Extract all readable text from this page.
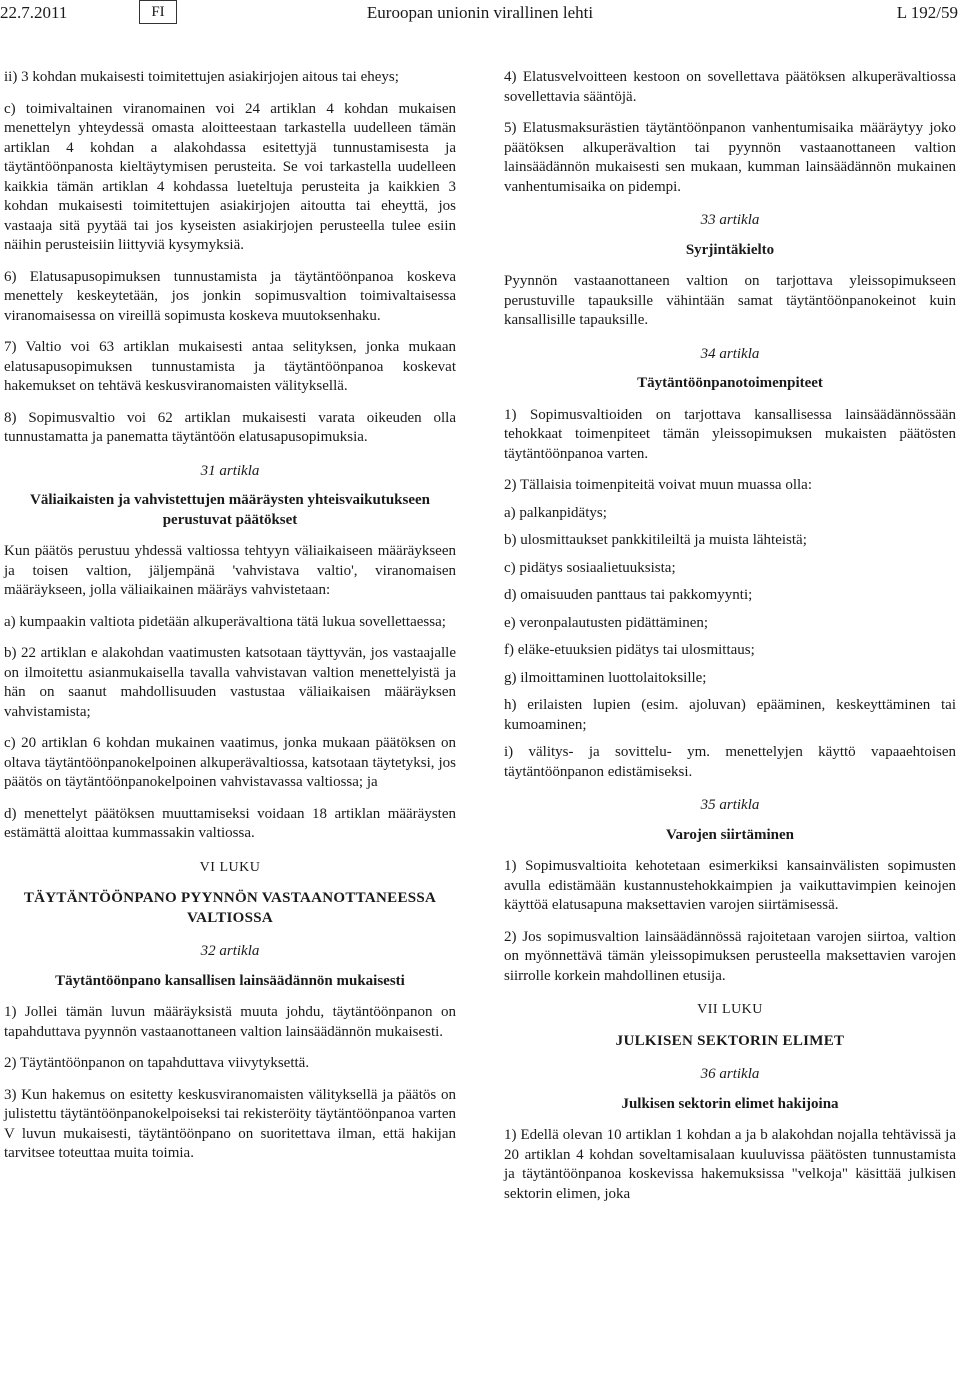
22.7.2011	FI	Euroopan unionin virallinen lehti	L 192/59

ii) 3 kohdan mukaisesti toimitettujen asiakirjojen aitous tai eheys;

c) toimivaltainen viranomainen voi 24 artiklan 4 kohdan mukaisen menettelyn yhteydessä omasta aloitteestaan tarkastella uudelleen tämän artiklan 4 kohdan a alakohdassa esitettyjä tunnustamisesta ja täytäntöönpanosta kieltäytymisen perusteita. Se voi tarkastella uudelleen kaikkia tämän artiklan 4 kohdassa lueteltuja perusteita ja kaikkien 3 kohdan mukaisesti toimitettujen asiakirjojen aitoutta tai eheyttä, jos vastaaja sitä pyytää tai jos kyseisten asiakirjojen perusteella tulee esiin näihin perusteisiin liittyviä kysymyksiä.

6) Elatusapusopimuksen tunnustamista ja täytäntöönpanoa koskeva menettely keskeytetään, jos jonkin sopimusvaltion toimivaltaisessa viranomaisessa on vireillä sopimusta koskeva muutoksenhaku.

7) Valtio voi 63 artiklan mukaisesti antaa selityksen, jonka mukaan elatusapusopimuksen tunnustamista ja täytäntöönpanoa koskevat hakemukset on tehtävä keskusviranomaisten välityksellä.

8) Sopimusvaltio voi 62 artiklan mukaisesti varata oikeuden olla tunnustamatta ja panematta täytäntöön elatusapusopimuksia.

31 artikla
Väliaikaisten ja vahvistettujen määräysten yhteisvaikutukseen perustuvat päätökset

Kun päätös perustuu yhdessä valtiossa tehtyyn väliaikaiseen määräykseen ja toisen valtion, jäljempänä 'vahvistava valtio', viranomaisen määräykseen, jolla väliaikainen määräys vahvistetaan:

a) kumpaakin valtiota pidetään alkuperävaltiona tätä lukua sovellettaessa;

b) 22 artiklan e alakohdan vaatimusten katsotaan täyttyvän, jos vastaajalle on ilmoitettu asianmukaisella tavalla vahvistavan valtion menettelyistä ja hän on saanut mahdollisuuden vastustaa väliaikaisen määräyksen vahvistamista;

c) 20 artiklan 6 kohdan mukainen vaatimus, jonka mukaan päätöksen on oltava täytäntöönpanokelpoinen alkuperävaltiossa, katsotaan täytetyksi, jos päätös on täytäntöönpanokelpoinen vahvistavassa valtiossa; ja

d) menettelyt päätöksen muuttamiseksi voidaan 18 artiklan määräysten estämättä aloittaa kummassakin valtiossa.

VI LUKU
TÄYTÄNTÖÖNPANO PYYNNÖN VASTAANOTTANEESSA VALTIOSSA
32 artikla
Täytäntöönpano kansallisen lainsäädännön mukaisesti

1) Jollei tämän luvun määräyksistä muuta johdu, täytäntöönpanon on tapahduttava pyynnön vastaanottaneen valtion lainsäädännön mukaisesti.

2) Täytäntöönpanon on tapahduttava viivytyksettä.

3) Kun hakemus on esitetty keskusviranomaisten välityksellä ja päätös on julistettu täytäntöönpanokelpoiseksi tai rekisteröity täytäntöönpanoa varten V luvun mukaisesti, täytäntöönpano on suoritettava ilman, että hakijan tarvitsee toteuttaa muita toimia.

4) Elatusvelvoitteen kestoon on sovellettava päätöksen alkuperävaltiossa sovellettavia sääntöjä.

5) Elatusmaksurästien täytäntöönpanon vanhentumisaika määräytyy joko päätöksen alkuperävaltion tai pyynnön vastaanottaneen valtion lainsäädännön mukaisesti sen mukaan, kumman lainsäädännön mukainen vanhentumisaika on pidempi.

33 artikla
Syrjintäkielto

Pyynnön vastaanottaneen valtion on tarjottava yleissopimukseen perustuville tapauksille vähintään samat täytäntöönpanokeinot kuin kansallisille tapauksille.

34 artikla
Täytäntöönpanotoimenpiteet

1) Sopimusvaltioiden on tarjottava kansallisessa lainsäädännössään tehokkaat toimenpiteet tämän yleissopimuksen mukaisten päätösten täytäntöönpanoa varten.

2) Tällaisia toimenpiteitä voivat muun muassa olla:

a) palkanpidätys;

b) ulosmittaukset pankkitileiltä ja muista lähteistä;

c) pidätys sosiaalietuuksista;

d) omaisuuden panttaus tai pakkomyynti;

e) veronpalautusten pidättäminen;

f) eläke-etuuksien pidätys tai ulosmittaus;

g) ilmoittaminen luottolaitoksille;

h) erilaisten lupien (esim. ajoluvan) epääminen, keskeyttäminen tai kumoaminen;

i) välitys- ja sovittelu- ym. menettelyjen käyttö vapaaehtoisen täytäntöönpanon edistämiseksi.

35 artikla
Varojen siirtäminen

1) Sopimusvaltioita kehotetaan esimerkiksi kansainvälisten sopimusten avulla edistämään kustannustehokkaimpien ja vaikuttavimpien keinojen käyttöä elatusapuna maksettavien varojen siirtämisessä.

2) Jos sopimusvaltion lainsäädännössä rajoitetaan varojen siirtoa, valtion on myönnettävä tämän yleissopimuksen perusteella maksettavien varojen siirrolle korkein mahdollinen etusija.

VII LUKU
JULKISEN SEKTORIN ELIMET
36 artikla
Julkisen sektorin elimet hakijoina

1) Edellä olevan 10 artiklan 1 kohdan a ja b alakohdan nojalla tehtävissä ja 20 artiklan 4 kohdan soveltamisalaan kuuluvissa päätösten tunnustamista ja täytäntöönpanoa koskevissa hakemuksissa "velkoja" käsittää julkisen sektorin elimen, joka
